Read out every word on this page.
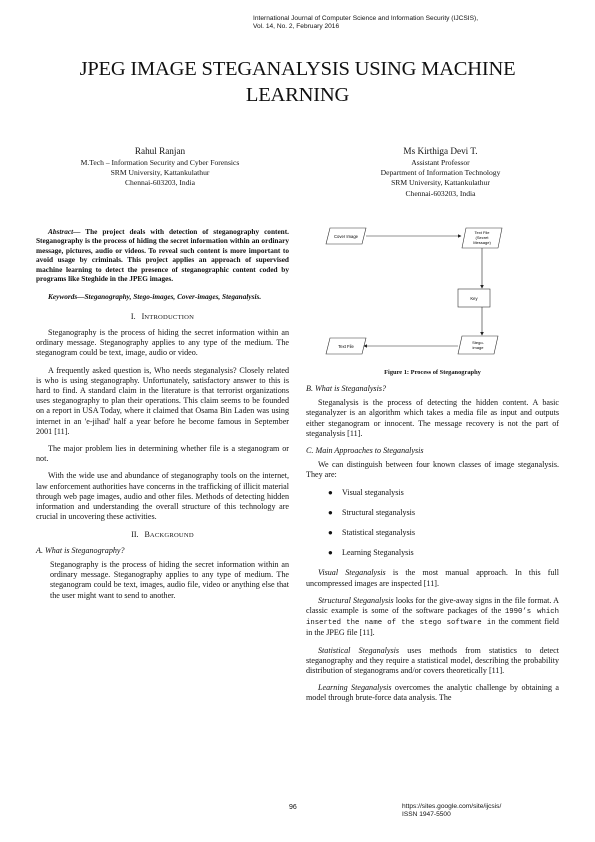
International Journal of Computer Science and Information Security (IJCSIS),
Vol. 14, No. 2, February 2016
JPEG IMAGE STEGANALYSIS USING MACHINE
LEARNING
Rahul Ranjan
M.Tech – Information Security and Cyber Forensics
SRM University, Kattankulathur
Chennai-603203, India
Ms Kirthiga Devi T.
Assistant Professor
Department of Information Technology
SRM University, Kattankulathur
Chennai-603203, India
Abstract— The project deals with detection of steganography content. Steganography is the process of hiding the secret information within an ordinary message, pictures, audio or videos. To reveal such content is more important to avoid usage by criminals. This project applies an approach of supervised machine learning to detect the presence of steganographic content coded by programs like Steghide in the JPEG images.
Keywords—Steganography, Stego-images, Cover-images, Steganalysis.
I. INTRODUCTION

Steganography is the process of hiding the secret information within an ordinary message. Steganography applies to any type of the medium. The steganogram could be text, image, audio or video.

A frequently asked question is, Who needs steganalysis? Closely related is who is using steganography. Unfortunately, satisfactory answer to this is hard to find. A standard claim in the literature is that terrorist organizations uses steganography to plan their operations. This claim seems to be founded on a report in USA Today, where it claimed that Osama Bin Laden was using internet in an 'e-jihad' half a year before he become famous in September 2001 [11].

The major problem lies in determining whether file is a steganogram or not.

With the wide use and abundance of steganography tools on the internet, law enforcement authorities have concerns in the trafficking of illicit material through web page images, audio and other files. Methods of detecting hidden information and understanding the overall structure of this technology are crucial in uncovering these activities.

II. BACKGROUND
A. What is Steganography?

Steganography is the process of hiding the secret information within an ordinary message. Steganography applies to any type of medium. The steganogram could be text, images, audio file, video or anything else that the user might want to send to another.

Cover Image
Text File
(Secret
Message)
Key
Stego-
image
Text File
Figure 1: Process of Steganography
B. What is Steganalysis?

Steganalysis is the process of detecting the hidden content. A basic steganalyzer is an algorithm which takes a media file as input and outputs either steganogram or innocent. The message recovery is not the part of steganalysis [11].

C. Main Approaches to Steganalysis

We can distinguish between four known classes of image steganalysis. They are:

● Visual steganalysis
● Structural steganalysis
● Statistical steganalysis
● Learning Steganalysis

Visual Steganalysis is the most manual approach. In this full uncompressed images are inspected [11].

Structural Steganalysis looks for the give-away signs in the file format. A classic example is some of the software packages of the 1990’s which inserted the name of the stego software in the comment field in the JPEG file [11].

Statistical Steganalysis uses methods from statistics to detect steganography and they require a statistical model, describing the probability distribution of steganograms and/or covers theoretically [11].

Learning Steganalysis overcomes the analytic challenge by obtaining a model through brute-force data analysis. The

96	https://sites.google.com/site/ijcsis/
ISSN 1947-5500
